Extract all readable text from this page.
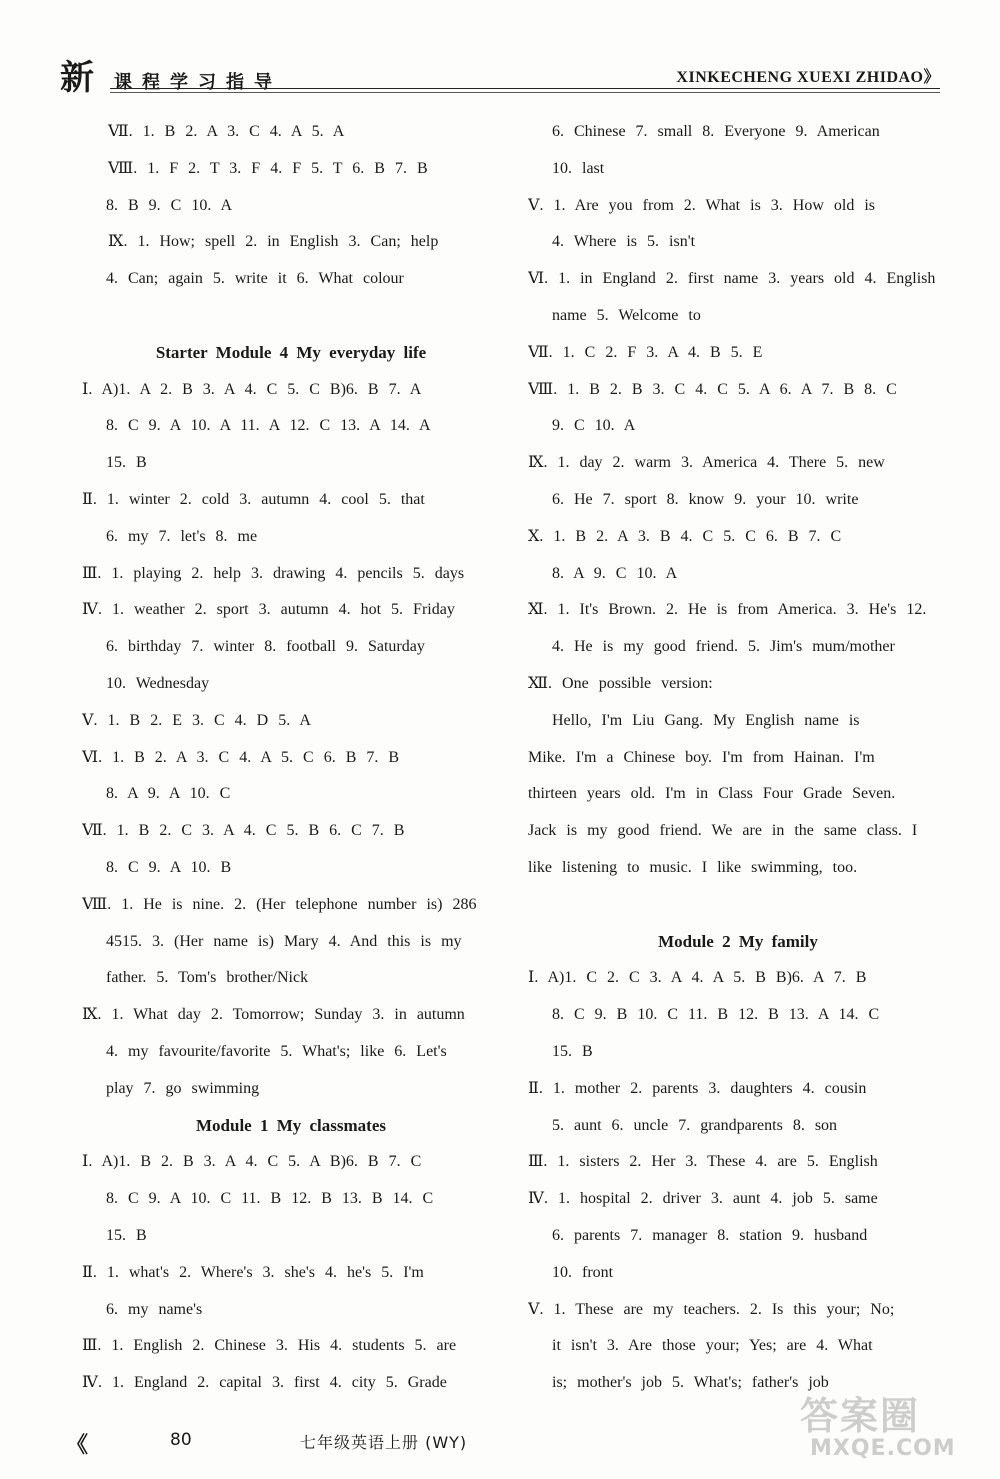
新 课程学习指导	XINKECHENG XUEXI ZHIDAO》
Ⅶ. 1. B 2. A 3. C 4. A 5. A
Ⅷ. 1. F 2. T 3. F 4. F 5. T 6. B 7. B
8. B 9. C 10. A
Ⅸ. 1. How; spell 2. in English 3. Can; help
4. Can; again 5. write it 6. What colour
Starter Module 4 My everyday life
Ⅰ. A)1. A 2. B 3. A 4. C 5. C B)6. B 7. A
8. C 9. A 10. A 11. A 12. C 13. A 14. A
15. B
Ⅱ. 1. winter 2. cold 3. autumn 4. cool 5. that
6. my 7. let's 8. me
Ⅲ. 1. playing 2. help 3. drawing 4. pencils 5. days
Ⅳ. 1. weather 2. sport 3. autumn 4. hot 5. Friday
6. birthday 7. winter 8. football 9. Saturday
10. Wednesday
Ⅴ. 1. B 2. E 3. C 4. D 5. A
Ⅵ. 1. B 2. A 3. C 4. A 5. C 6. B 7. B
8. A 9. A 10. C
Ⅶ. 1. B 2. C 3. A 4. C 5. B 6. C 7. B
8. C 9. A 10. B
Ⅷ. 1. He is nine. 2. (Her telephone number is) 286
4515. 3. (Her name is) Mary 4. And this is my
father. 5. Tom's brother/Nick
Ⅸ. 1. What day 2. Tomorrow; Sunday 3. in autumn
4. my favourite/favorite 5. What's; like 6. Let's
play 7. go swimming
Module 1 My classmates
Ⅰ. A)1. B 2. B 3. A 4. C 5. A B)6. B 7. C
8. C 9. A 10. C 11. B 12. B 13. B 14. C
15. B
Ⅱ. 1. what's 2. Where's 3. she's 4. he's 5. I'm
6. my name's
Ⅲ. 1. English 2. Chinese 3. His 4. students 5. are
Ⅳ. 1. England 2. capital 3. first 4. city 5. Grade
6. Chinese 7. small 8. Everyone 9. American
10. last
Ⅴ. 1. Are you from 2. What is 3. How old is
4. Where is 5. isn't
Ⅵ. 1. in England 2. first name 3. years old 4. English
name 5. Welcome to
Ⅶ. 1. C 2. F 3. A 4. B 5. E
Ⅷ. 1. B 2. B 3. C 4. C 5. A 6. A 7. B 8. C
9. C 10. A
Ⅸ. 1. day 2. warm 3. America 4. There 5. new
6. He 7. sport 8. know 9. your 10. write
Ⅹ. 1. B 2. A 3. B 4. C 5. C 6. B 7. C
8. A 9. C 10. A
Ⅺ. 1. It's Brown. 2. He is from America. 3. He's 12.
4. He is my good friend. 5. Jim's mum/mother
Ⅻ. One possible version:
Hello, I'm Liu Gang. My English name is
Mike. I'm a Chinese boy. I'm from Hainan. I'm
thirteen years old. I'm in Class Four Grade Seven.
Jack is my good friend. We are in the same class. I
like listening to music. I like swimming, too.
Module 2 My family
Ⅰ. A)1. C 2. C 3. A 4. A 5. B B)6. A 7. B
8. C 9. B 10. C 11. B 12. B 13. A 14. C
15. B
Ⅱ. 1. mother 2. parents 3. daughters 4. cousin
5. aunt 6. uncle 7. grandparents 8. son
Ⅲ. 1. sisters 2. Her 3. These 4. are 5. English
Ⅳ. 1. hospital 2. driver 3. aunt 4. job 5. same
6. parents 7. manager 8. station 9. husband
10. front
Ⅴ. 1. These are my teachers. 2. Is this your; No;
it isn't 3. Are those your; Yes; are 4. What
is; mother's job 5. What's; father's job
《	80	七年级英语上册 (WY)
答案圈
MXQE.COM
